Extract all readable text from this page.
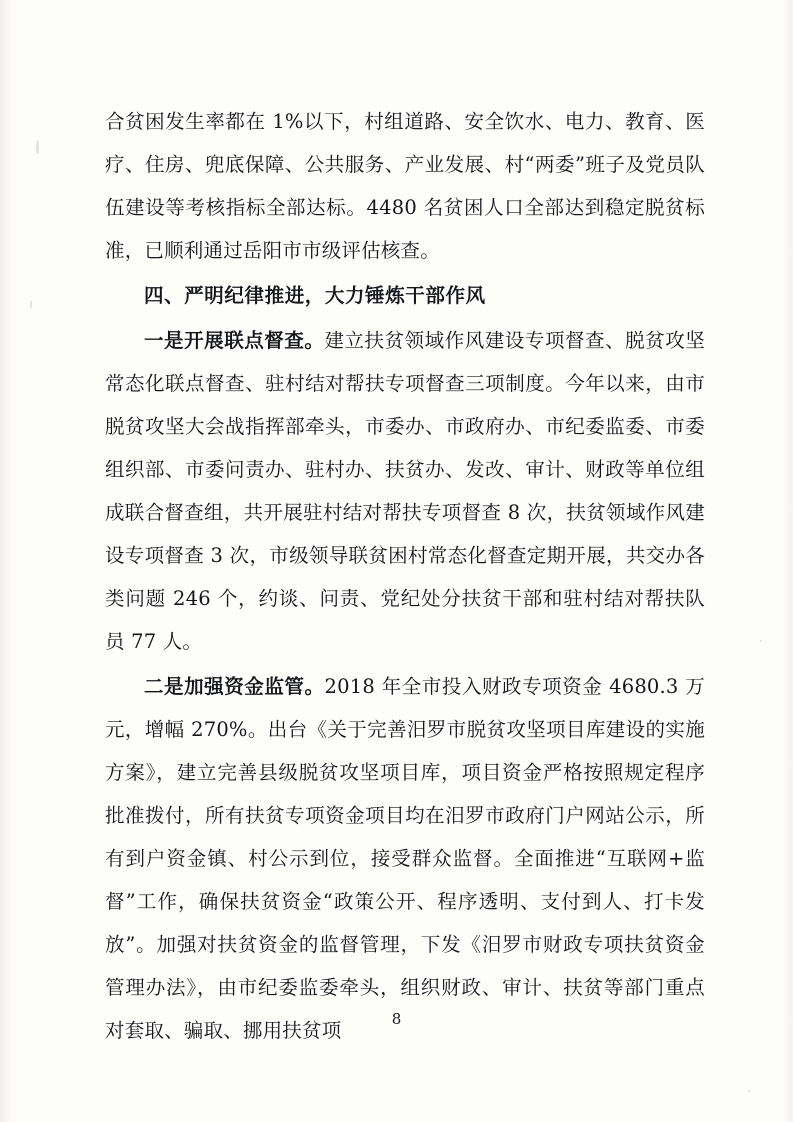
合贫困发生率都在 1%以下，村组道路、安全饮水、电力、教育、医疗、住房、兜底保障、公共服务、产业发展、村“两委”班子及党员队伍建设等考核指标全部达标。4480 名贫困人口全部达到稳定脱贫标准，已顺利通过岳阳市市级评估核查。

四、严明纪律推进，大力锤炼干部作风

一是开展联点督查。建立扶贫领域作风建设专项督查、脱贫攻坚常态化联点督查、驻村结对帮扶专项督查三项制度。今年以来，由市脱贫攻坚大会战指挥部牵头，市委办、市政府办、市纪委监委、市委组织部、市委问责办、驻村办、扶贫办、发改、审计、财政等单位组成联合督查组，共开展驻村结对帮扶专项督查 8 次，扶贫领域作风建设专项督查 3 次，市级领导联贫困村常态化督查定期开展，共交办各类问题 246 个，约谈、问责、党纪处分扶贫干部和驻村结对帮扶队员 77 人。

二是加强资金监管。2018 年全市投入财政专项资金 4680.3 万元，增幅 270%。出台《关于完善汨罗市脱贫攻坚项目库建设的实施方案》，建立完善县级脱贫攻坚项目库，项目资金严格按照规定程序批准拨付，所有扶贫专项资金项目均在汨罗市政府门户网站公示，所有到户资金镇、村公示到位，接受群众监督。全面推进“互联网+监督”工作，确保扶贫资金“政策公开、程序透明、支付到人、打卡发放”。加强对扶贫资金的监督管理，下发《汨罗市财政专项扶贫资金管理办法》，由市纪委监委牵头，组织财政、审计、扶贫等部门重点对套取、骗取、挪用扶贫项	8
